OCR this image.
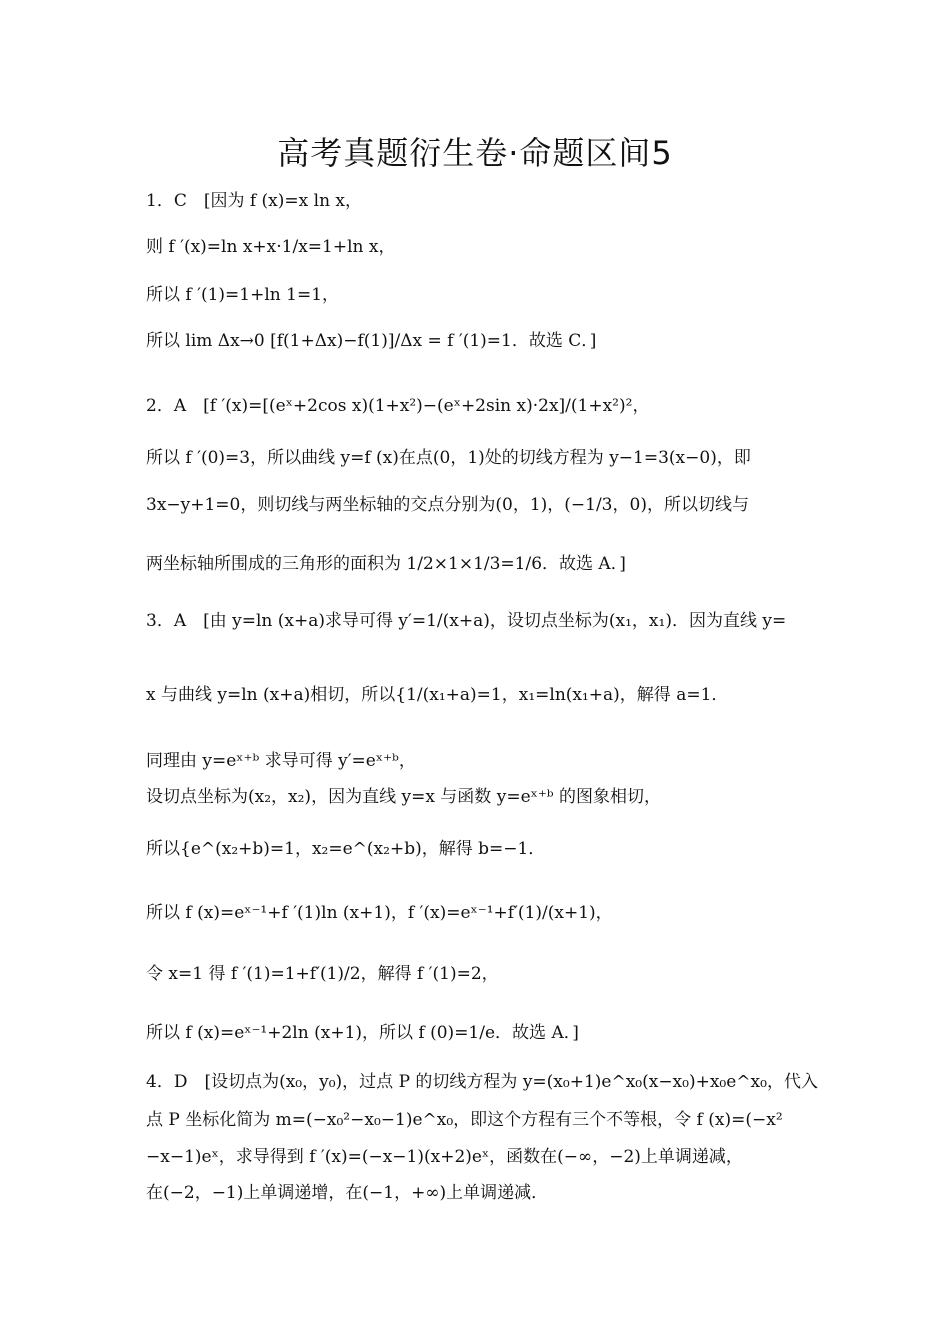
高考真题衍生卷·命题区间5
1．C　[因为 f (x)=x ln x，
则 f ′(x)=ln x+x·1/x=1+ln x，
所以 f ′(1)=1+ln 1=1，
所以 lim Δx→0 [f(1+Δx)−f(1)]/Δx = f ′(1)=1．故选 C．]
2．A　[f ′(x)=[(eˣ+2cos x)(1+x²)−(eˣ+2sin x)·2x]/(1+x²)²，
所以 f ′(0)=3，所以曲线 y=f (x)在点(0，1)处的切线方程为 y−1=3(x−0)，即
3x−y+1=0，则切线与两坐标轴的交点分别为(0，1)，(−1/3，0)，所以切线与
两坐标轴所围成的三角形的面积为 1/2×1×1/3=1/6．故选 A．]
3．A　[由 y=ln (x+a)求导可得 y′=1/(x+a)，设切点坐标为(x₁，x₁)．因为直线 y=
x 与曲线 y=ln (x+a)相切，所以{1/(x₁+a)=1，x₁=ln(x₁+a)，解得 a=1．
同理由 y=eˣ⁺ᵇ 求导可得 y′=eˣ⁺ᵇ，
设切点坐标为(x₂，x₂)，因为直线 y=x 与函数 y=eˣ⁺ᵇ 的图象相切，
所以{e^(x₂+b)=1，x₂=e^(x₂+b)，解得 b=−1．
所以 f (x)=eˣ⁻¹+f ′(1)ln (x+1)，f ′(x)=eˣ⁻¹+f′(1)/(x+1)，
令 x=1 得 f ′(1)=1+f′(1)/2，解得 f ′(1)=2，
所以 f (x)=eˣ⁻¹+2ln (x+1)，所以 f (0)=1/e．故选 A．]
4．D　[设切点为(x₀，y₀)，过点 P 的切线方程为 y=(x₀+1)e^x₀(x−x₀)+x₀e^x₀，代入
点 P 坐标化简为 m=(−x₀²−x₀−1)e^x₀，即这个方程有三个不等根，令 f (x)=(−x²
−x−1)eˣ，求导得到 f ′(x)=(−x−1)(x+2)eˣ，函数在(−∞，−2)上单调递减，
在(−2，−1)上单调递增，在(−1，+∞)上单调递减．
